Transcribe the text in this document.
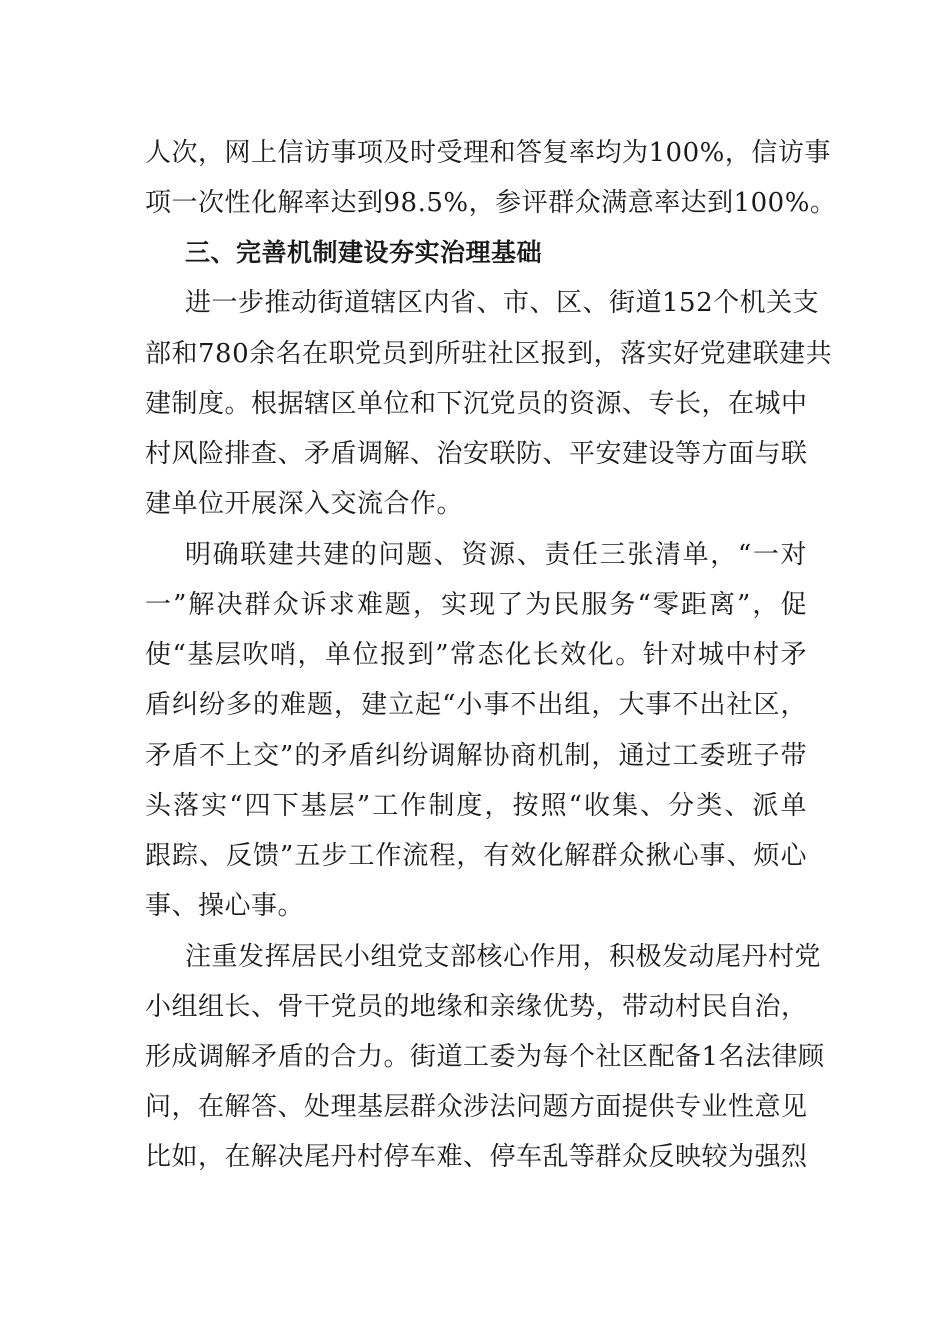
人次，网上信访事项及时受理和答复率均为100%，信访事
项一次性化解率达到98.5%，参评群众满意率达到100%。
三、完善机制建设夯实治理基础
进一步推动街道辖区内省、市、区、街道152个机关支
部和780余名在职党员到所驻社区报到，落实好党建联建共
建制度。根据辖区单位和下沉党员的资源、专长，在城中
村风险排查、矛盾调解、治安联防、平安建设等方面与联
建单位开展深入交流合作。
明确联建共建的问题、资源、责任三张清单，“一对
一”解决群众诉求难题，实现了为民服务“零距离”，促
使“基层吹哨，单位报到”常态化长效化。针对城中村矛
盾纠纷多的难题，建立起“小事不出组，大事不出社区，
矛盾不上交”的矛盾纠纷调解协商机制，通过工委班子带
头落实“四下基层”工作制度，按照“收集、分类、派单
跟踪、反馈”五步工作流程，有效化解群众揪心事、烦心
事、操心事。
注重发挥居民小组党支部核心作用，积极发动尾丹村党
小组组长、骨干党员的地缘和亲缘优势，带动村民自治，
形成调解矛盾的合力。街道工委为每个社区配备1名法律顾
问，在解答、处理基层群众涉法问题方面提供专业性意见
比如，在解决尾丹村停车难、停车乱等群众反映较为强烈
